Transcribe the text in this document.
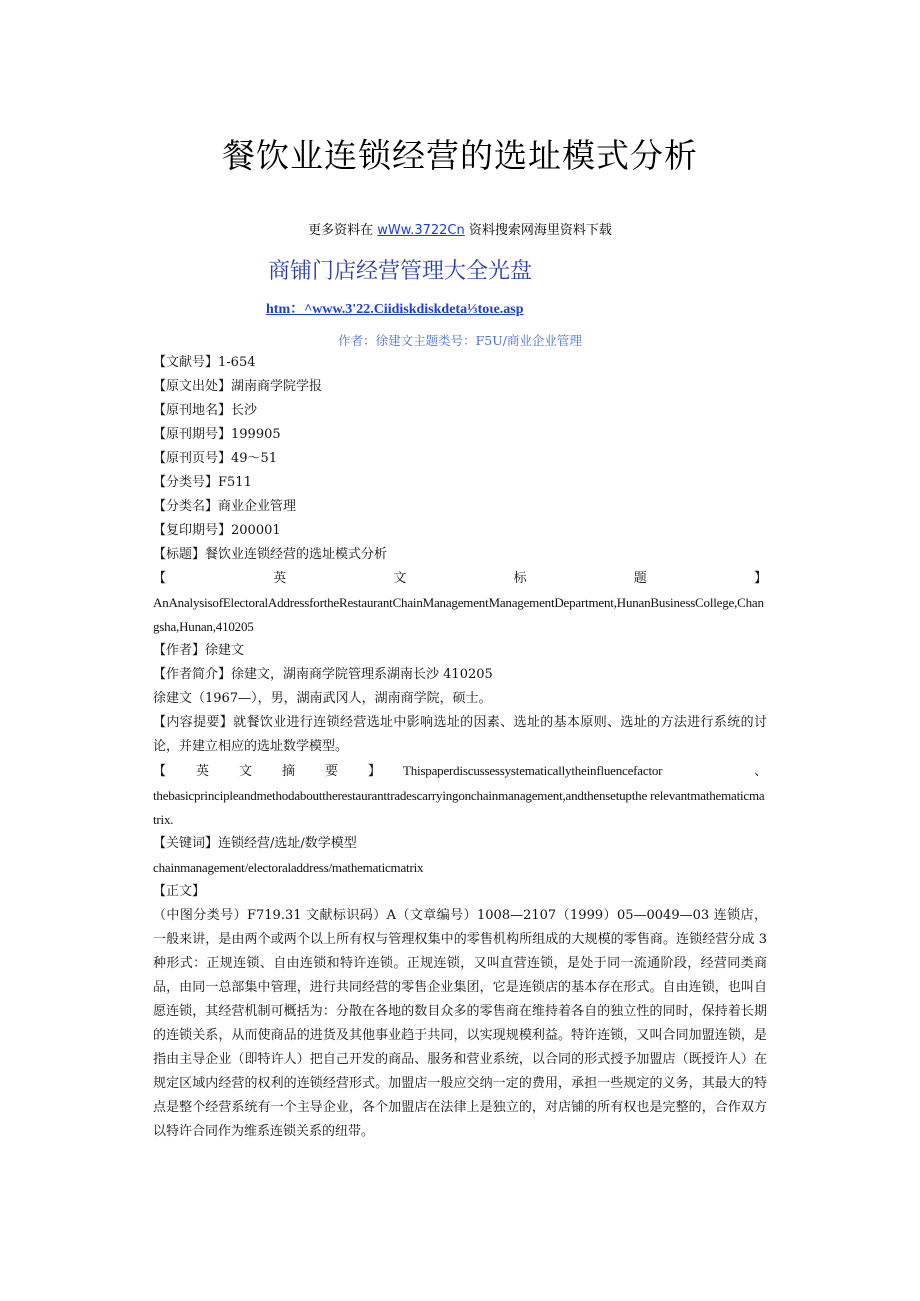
餐饮业连锁经营的选址模式分析
更多资料在 wWw.3722Cn 资料搜索网海里资料下载
商铺门店经营管理大全光盘
htm：^www.3'22.Ciidiskdiskdeta⅓toιe.asp
作者：徐建文主题类号：F5U/商业企业管理
【文献号】1-654
【原文出处】湖南商学院学报
【原刊地名】长沙
【原刊期号】199905
【原刊页号】49～51
【分类号】F511
【分类名】商业企业管理
【复印期号】200001
【标题】餐饮业连锁经营的选址模式分析
【	英	文	标	题	】
AnAnalysisofElectoralAddressfortheRestaurantChainManagementManagementDepartment,HunanBusinessCollege,Changsha,Hunan,410205
【作者】徐建文
【作者简介】徐建文，湖南商学院管理系湖南长沙 410205
徐建文（1967—），男，湖南武冈人，湖南商学院，硕士。
【内容提要】就餐饮业进行连锁经营选址中影响选址的因素、选址的基本原则、选址的方法进行系统的讨论，并建立相应的选址数学模型。
【 英 文 摘 要 】 Thispaperdiscussessystematicallytheinfluencefactor	、
thebasicprincipleandmethodabouttherestauranttradescarryingonchainmanagement,andthensetupthe relevantmathematicmatrix.
【关键词】连锁经营/选址/数学模型
chainmanagement/electoraladdress/mathematicmatrix
【正文】
（中图分类号）F719.31 文献标识码）A（文章编号）1008—2107（1999）05—0049—03 连锁店，一般来讲，是由两个或两个以上所有权与管理权集中的零售机构所组成的大规模的零售商。连锁经营分成 3 种形式：正规连锁、自由连锁和特许连锁。正规连锁，又叫直营连锁，是处于同一流通阶段，经营同类商品，由同一总部集中管理，进行共同经营的零售企业集团，它是连锁店的基本存在形式。自由连锁，也叫自愿连锁，其经营机制可概括为：分散在各地的数目众多的零售商在维持着各自的独立性的同时，保持着长期的连锁关系，从而使商品的进货及其他事业趋于共同，以实现规模利益。特许连锁，又叫合同加盟连锁，是指由主导企业（即特许人）把自己开发的商品、服务和营业系统，以合同的形式授予加盟店（既授许人）在规定区域内经营的权利的连锁经营形式。加盟店一般应交纳一定的费用，承担一些规定的义务，其最大的特点是整个经营系统有一个主导企业，各个加盟店在法律上是独立的，对店铺的所有权也是完整的，合作双方以特许合同作为维系连锁关系的纽带。
